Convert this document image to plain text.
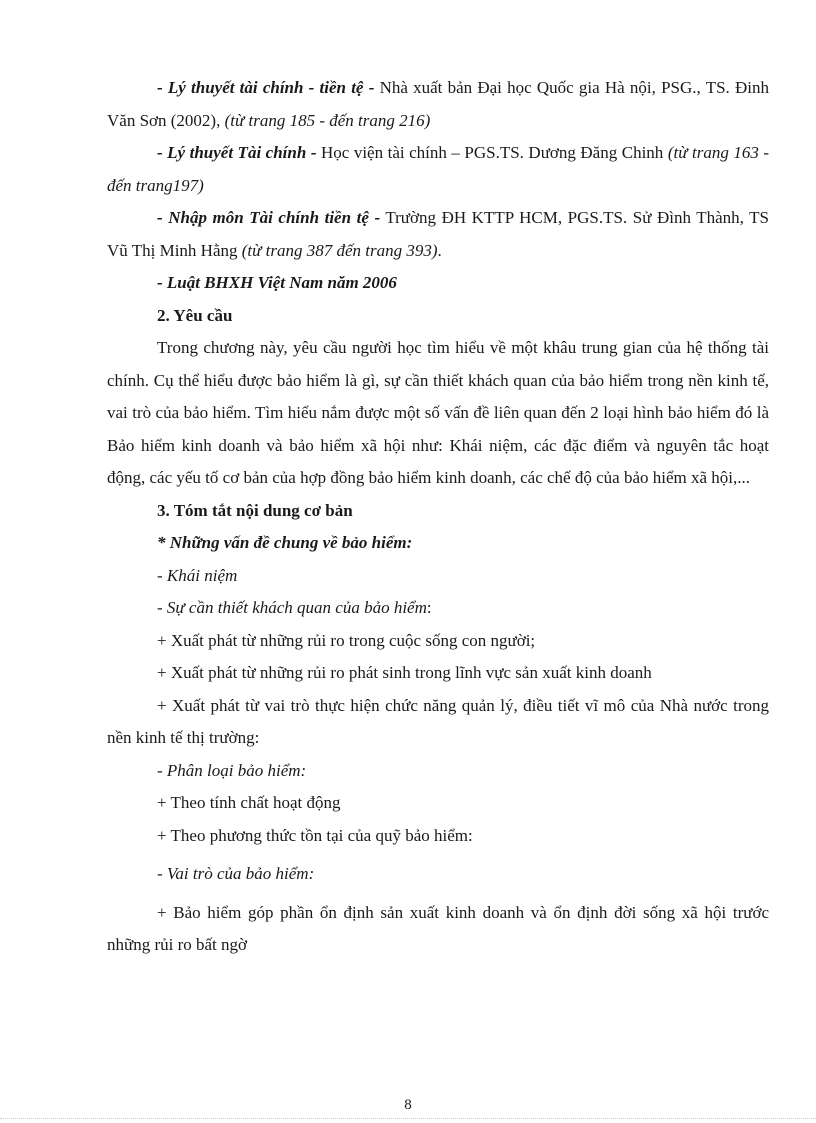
- Lý thuyết tài chính - tiền tệ - Nhà xuất bản Đại học Quốc gia Hà nội, PSG., TS. Đinh Văn Sơn (2002), (từ trang 185 - đến trang 216)

- Lý thuyết Tài chính - Học viện tài chính – PGS.TS. Dương Đăng Chinh (từ trang 163 - đến trang197)

- Nhập môn Tài chính tiền tệ - Trường ĐH KTTP HCM, PGS.TS. Sử Đình Thành, TS Vũ Thị Minh Hằng (từ trang 387 đến trang 393).

- Luật BHXH Việt Nam năm 2006

2. Yêu cầu

Trong chương này, yêu cầu người học tìm hiểu về một khâu trung gian của hệ thống tài chính. Cụ thể hiểu được bảo hiểm là gì, sự cần thiết khách quan của bảo hiểm trong nền kinh tế, vai trò của bảo hiểm. Tìm hiểu nắm được một số vấn đề liên quan đến 2 loại hình bảo hiểm đó là Bảo hiểm kinh doanh và bảo hiểm xã hội như: Khái niệm, các đặc điểm và nguyên tắc hoạt động, các yếu tố cơ bản của hợp đồng bảo hiểm kinh doanh, các chế độ của bảo hiểm xã hội,...

3. Tóm tắt nội dung cơ bản

* Những vấn đề chung về bảo hiểm:

- Khái niệm

- Sự cần thiết khách quan của bảo hiểm:

+ Xuất phát từ những rủi ro trong cuộc sống con người;

+ Xuất phát từ những rủi ro phát sinh trong lĩnh vực sản xuất kinh doanh

+ Xuất phát từ vai trò thực hiện chức năng quản lý, điều tiết vĩ mô của Nhà nước trong nền kinh tế thị trường:

- Phân loại bảo hiểm:

+ Theo tính chất hoạt động

+ Theo phương thức tồn tại của quỹ bảo hiểm:

- Vai trò của bảo hiểm:

+ Bảo hiểm góp phần ổn định sản xuất kinh doanh và ổn định đời sống xã hội trước những rủi ro bất ngờ

8
